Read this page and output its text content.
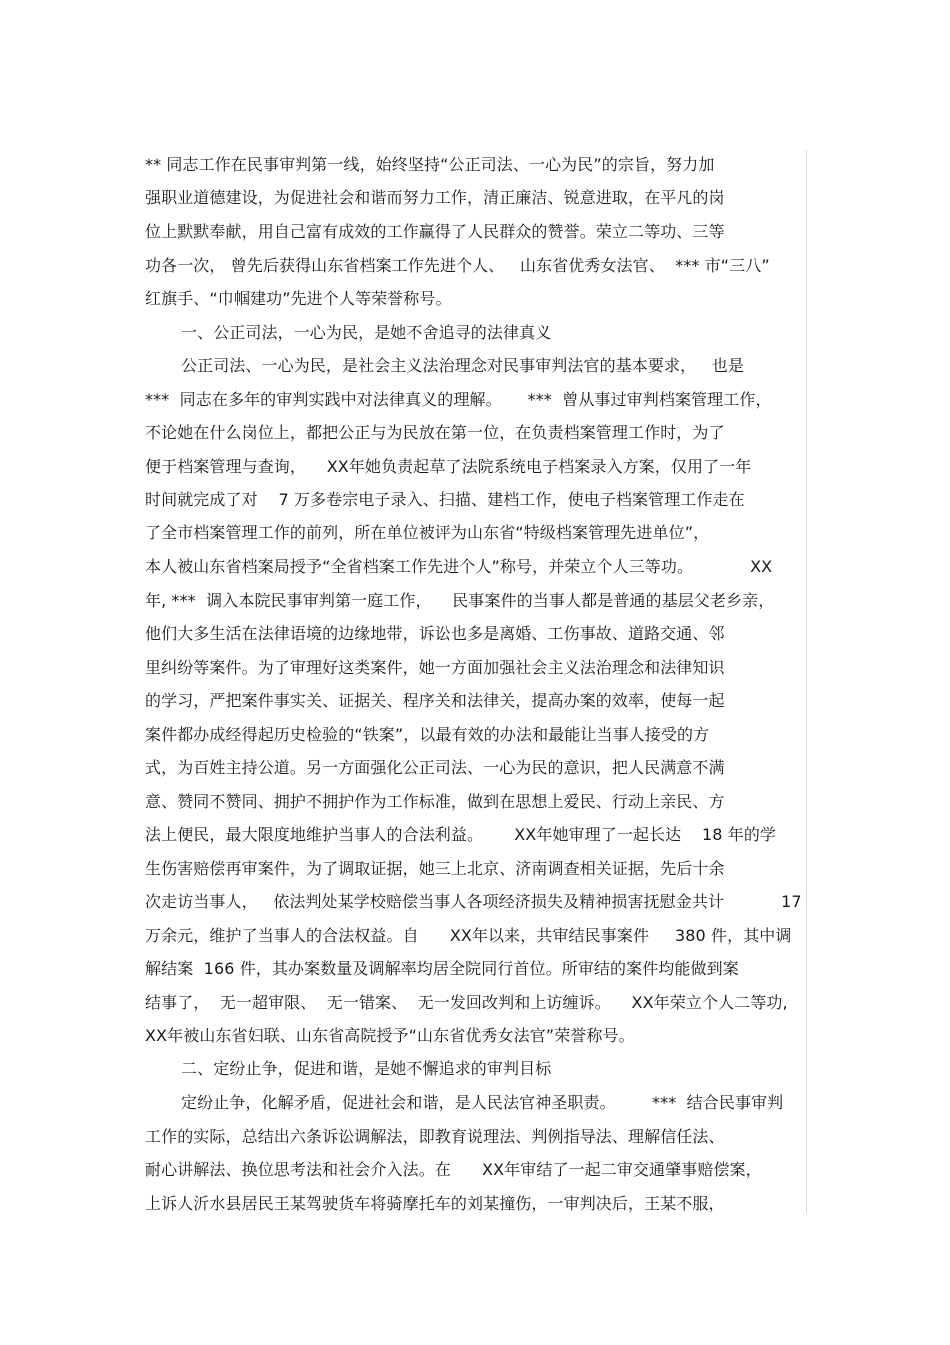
** 同志工作在民事审判第一线，始终坚持“公正司法、一心为民”的宗旨，努力加
强职业道德建设，为促进社会和谐而努力工作，清正廉洁、锐意进取，在平凡的岗
位上默默奉献，用自己富有成效的工作赢得了人民群众的赞誉。荣立二等功、三等
功各一次， 曾先后获得山东省档案工作先进个人、   山东省优秀女法官、  *** 市“三八”
红旗手、“巾帼建功”先进个人等荣誉称号。
一、公正司法，一心为民，是她不舍追寻的法律真义
公正司法、一心为民，是社会主义法治理念对民事审判法官的基本要求，   也是
***  同志在多年的审判实践中对法律真义的理解。     ***  曾从事过审判档案管理工作，
不论她在什么岗位上，都把公正与为民放在第一位，在负责档案管理工作时，为了
便于档案管理与查询，    XX年她负责起草了法院系统电子档案录入方案，仅用了一年
时间就完成了对    7 万多卷宗电子录入、扫描、建档工作，使电子档案管理工作走在
了全市档案管理工作的前列，所在单位被评为山东省“特级档案管理先进单位”，
本人被山东省档案局授予“全省档案工作先进个人”称号，并荣立个人三等功。           XX
年, ***  调入本院民事审判第一庭工作，    民事案件的当事人都是普通的基层父老乡亲，
他们大多生活在法律语境的边缘地带，诉讼也多是离婚、工伤事故、道路交通、邻
里纠纷等案件。为了审理好这类案件，她一方面加强社会主义法治理念和法律知识
的学习，严把案件事实关、证据关、程序关和法律关，提高办案的效率，使每一起
案件都办成经得起历史检验的“铁案”，以最有效的办法和最能让当事人接受的方
式，为百姓主持公道。另一方面强化公正司法、一心为民的意识，把人民满意不满
意、赞同不赞同、拥护不拥护作为工作标准，做到在思想上爱民、行动上亲民、方
法上便民，最大限度地维护当事人的合法利益。      XX年她审理了一起长达    18 年的学
生伤害赔偿再审案件，为了调取证据，她三上北京、济南调查相关证据，先后十余
次走访当事人，   依法判处某学校赔偿当事人各项经济损失及精神损害抚慰金共计           17
万余元，维护了当事人的合法权益。自      XX年以来，共审结民事案件     380 件，其中调
解结案  166 件，其办案数量及调解率均居全院同行首位。所审结的案件均能做到案
结事了，  无一超审限、  无一错案、  无一发回改判和上访缠诉。    XX年荣立个人二等功,
XX年被山东省妇联、山东省高院授予“山东省优秀女法官”荣誉称号。
二、定纷止争，促进和谐，是她不懈追求的审判目标
定纷止争，化解矛盾，促进社会和谐，是人民法官神圣职责。       ***  结合民事审判
工作的实际，总结出六条诉讼调解法，即教育说理法、判例指导法、理解信任法、
耐心讲解法、换位思考法和社会介入法。在      XX年审结了一起二审交通肇事赔偿案，
上诉人沂水县居民王某驾驶货车将骑摩托车的刘某撞伤，一审判决后，王某不服，
